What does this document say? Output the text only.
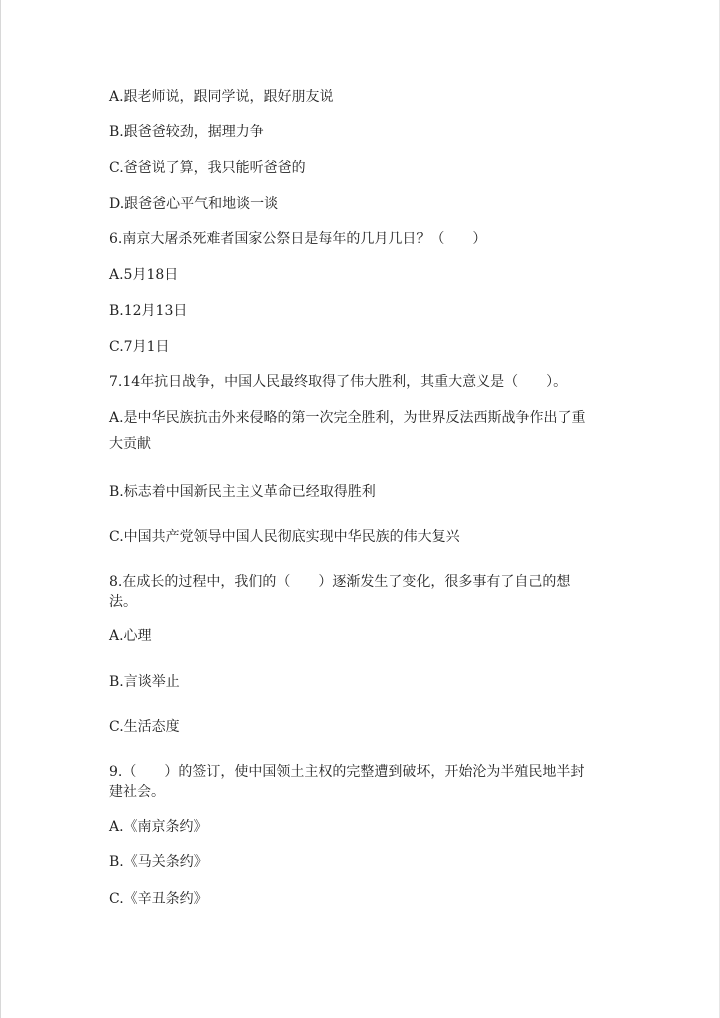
A.跟老师说，跟同学说，跟好朋友说
B.跟爸爸较劲，据理力争
C.爸爸说了算，我只能听爸爸的
D.跟爸爸心平气和地谈一谈
6.南京大屠杀死难者国家公祭日是每年的几月几日？（　　）
A.5月18日
B.12月13日
C.7月1日
7.14年抗日战争，中国人民最终取得了伟大胜利，其重大意义是（　　）。
A.是中华民族抗击外来侵略的第一次完全胜利，为世界反法西斯战争作出了重
大贡献
B.标志着中国新民主主义革命已经取得胜利
C.中国共产党领导中国人民彻底实现中华民族的伟大复兴
8.在成长的过程中，我们的（　　）逐渐发生了变化，很多事有了自己的想
法。
A.心理
B.言谈举止
C.生活态度
9.（　　）的签订，使中国领土主权的完整遭到破坏，开始沦为半殖民地半封
建社会。
A.《南京条约》
B.《马关条约》
C.《辛丑条约》
